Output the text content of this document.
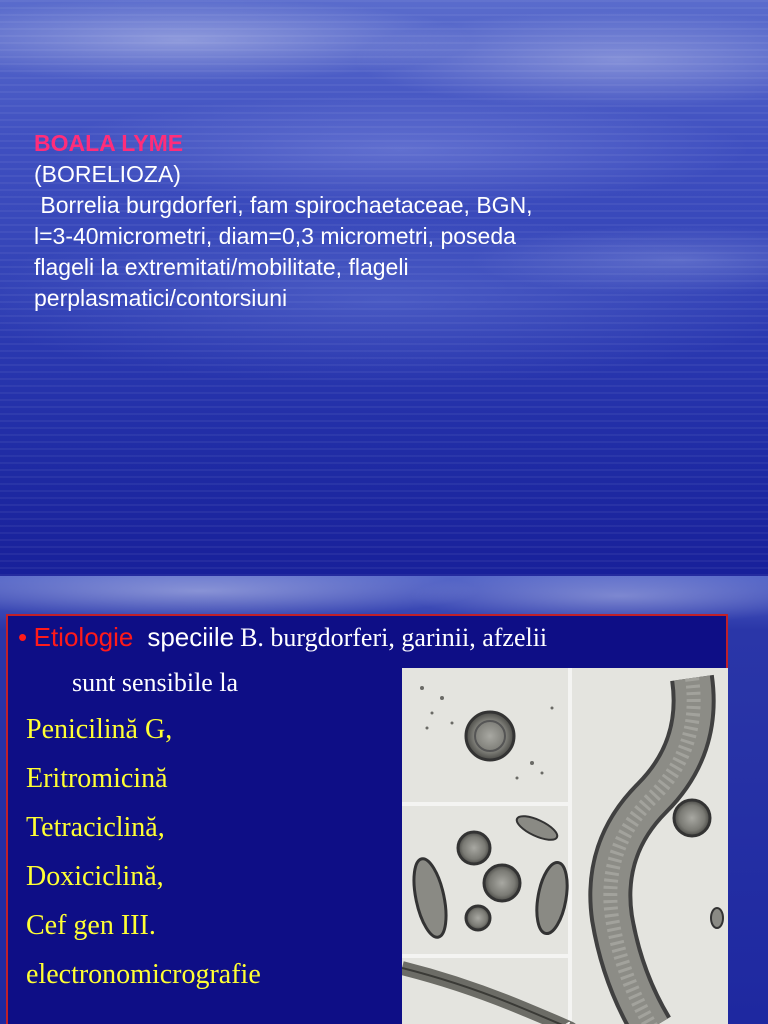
BOALA LYME
(BORELIOZA)
Borrelia burgdorferi, fam spirochaetaceae, BGN,
l=3-40micrometri, diam=0,3 micrometri, poseda
flageli la extremitati/mobilitate, flageli
perplasmatici/contorsiuni
• Etiologie speciile B. burgdorferi, garinii, afzelii
sunt sensibile la
Penicilină G,
Eritromicină
Tetraciclină,
Doxiciclină,
Cef gen III.
electronomicrografie
